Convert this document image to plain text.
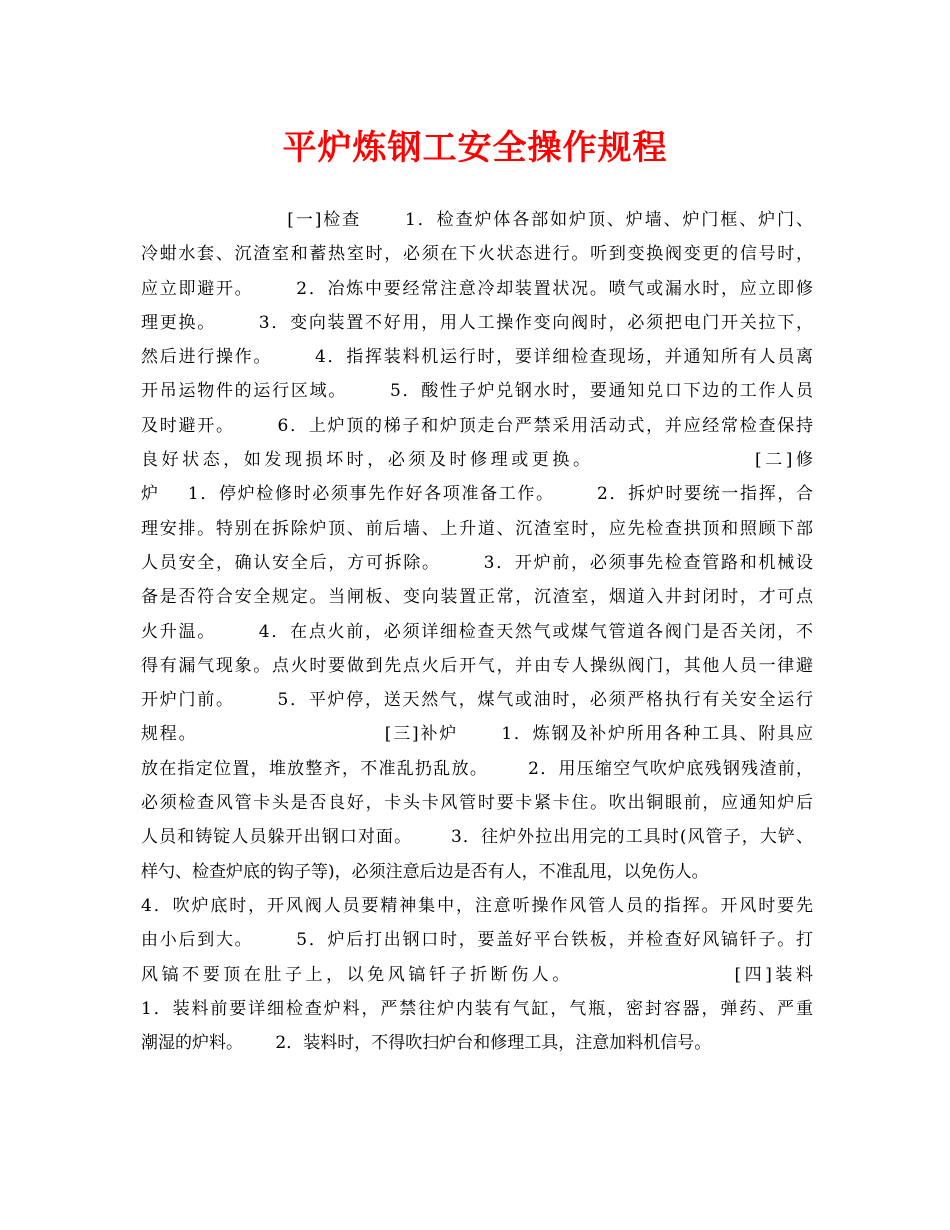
平炉炼钢工安全操作规程
[一]检查      1．检查炉体各部如炉顶、炉墙、炉门框、炉门、
冷蚶水套、沉渣室和蓄热室时，必须在下火状态进行。听到变换阀变更的信号时，
应立即避开。      2．冶炼中要经常注意冷却装置状况。喷气或漏水时，应立即修
理更换。      3．变向装置不好用，用人工操作变向阀时，必须把电门开关拉下，
然后进行操作。      4．指挥装料机运行时，要详细检查现场，并通知所有人员离
开吊运物件的运行区域。      5．酸性子炉兑钢水时，要通知兑口下边的工作人员
及时避开。      6．上炉顶的梯子和炉顶走台严禁采用活动式，并应经常检查保持
良好状态，如发现损坏时，必须及时修理或更换。                  [二]修
炉    1．停炉检修时必须事先作好各项准备工作。      2．拆炉时要统一指挥，合
理安排。特别在拆除炉顶、前后墙、上升道、沉渣室时，应先检查拱顶和照顾下部
人员安全，确认安全后，方可拆除。      3．开炉前，必须事先检查管路和机械设
备是否符合安全规定。当闸板、变向装置正常，沉渣室，烟道入井封闭时，才可点
火升温。      4．在点火前，必须详细检查天然气或煤气管道各阀门是否关闭，不
得有漏气现象。点火时要做到先点火后开气，并由专人操纵阀门，其他人员一律避
开炉门前。      5．平炉停，送天然气，煤气或油时，必须严格执行有关安全运行
规程。                          [三]补炉      1．炼钢及补炉所用各种工具、附具应
放在指定位置，堆放整齐，不准乱扔乱放。      2．用压缩空气吹炉底残钢残渣前，
必须检查风管卡头是否良好，卡头卡风管时要卡紧卡住。吹出铜眼前，应通知炉后
人员和铸锭人员躲开出钢口对面。      3．往炉外拉出用完的工具时(风管子，大铲、
样勺、检查炉底的钩子等)，必须注意后边是否有人，不准乱甩，以免伤人。
4．吹炉底时，开风阀人员要精神集中，注意听操作风管人员的指挥。开风时要先
由小后到大。      5．炉后打出钢口时，要盖好平台铁板，并检查好风镐钎子。打
风镐不要顶在肚子上，以免风镐钎子折断伤人。                  [四]装料
1．装料前要详细检查炉料，严禁往炉内装有气缸，气瓶，密封容器，弹药、严重
潮湿的炉料。      2．装料时，不得吹扫炉台和修理工具，注意加料机信号。
